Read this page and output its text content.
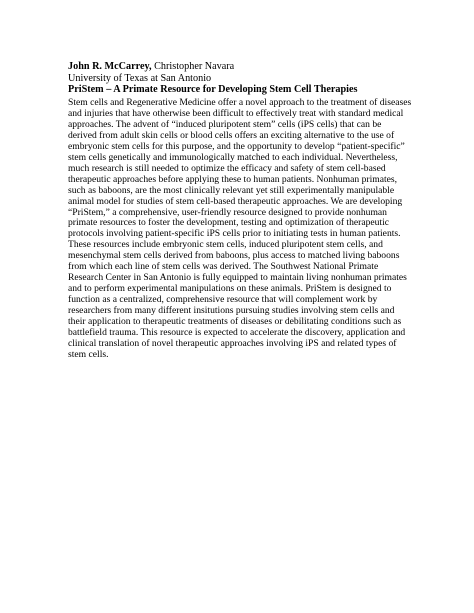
John R. McCarrey, Christopher Navara
University of Texas at San Antonio
PriStem – A Primate Resource for Developing Stem Cell Therapies
Stem cells and Regenerative Medicine offer a novel approach to the treatment of diseases
and injuries that have otherwise been difficult to effectively treat with standard medical
approaches. The advent of “induced pluripotent stem” cells (iPS cells) that can be
derived from adult skin cells or blood cells offers an exciting alternative to the use of
embryonic stem cells for this purpose, and the opportunity to develop “patient-specific”
stem cells genetically and immunologically matched to each individual. Nevertheless,
much research is still needed to optimize the efficacy and safety of stem cell-based
therapeutic approaches before applying these to human patients. Nonhuman primates,
such as baboons, are the most clinically relevant yet still experimentally manipulable
animal model for studies of stem cell-based therapeutic approaches. We are developing
“PriStem,” a comprehensive, user-friendly resource designed to provide nonhuman
primate resources to foster the development, testing and optimization of therapeutic
protocols involving patient-specific iPS cells prior to initiating tests in human patients.
These resources include embryonic stem cells, induced pluripotent stem cells, and
mesenchymal stem cells derived from baboons, plus access to matched living baboons
from which each line of stem cells was derived. The Southwest National Primate
Research Center in San Antonio is fully equipped to maintain living nonhuman primates
and to perform experimental manipulations on these animals. PriStem is designed to
function as a centralized, comprehensive resource that will complement work by
researchers from many different insitutions pursuing studies involving stem cells and
their application to therapeutic treatments of diseases or debilitating conditions such as
battlefield trauma. This resource is expected to accelerate the discovery, application and
clinical translation of novel therapeutic approaches involving iPS and related types of
stem cells.
